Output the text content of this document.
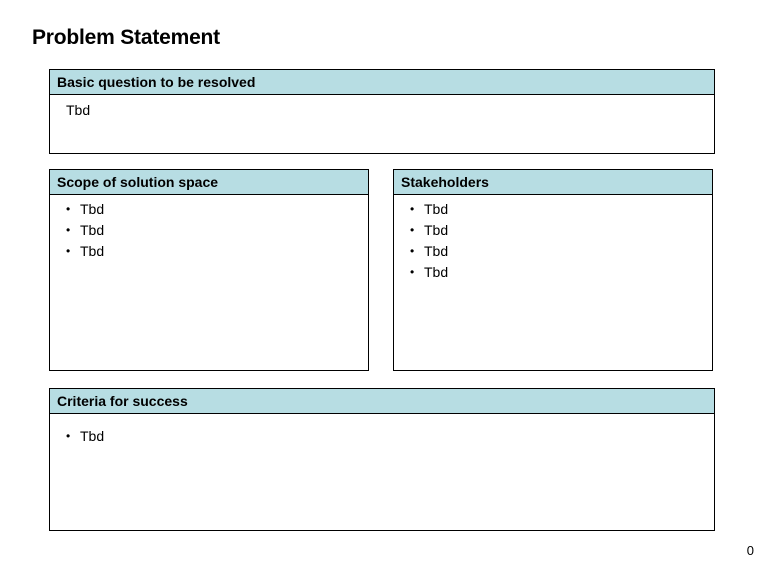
Problem Statement
Basic question to be resolved
Tbd
Scope of solution space
• Tbd
• Tbd
• Tbd
Stakeholders
• Tbd
• Tbd
• Tbd
• Tbd
Criteria for success
• Tbd
0
